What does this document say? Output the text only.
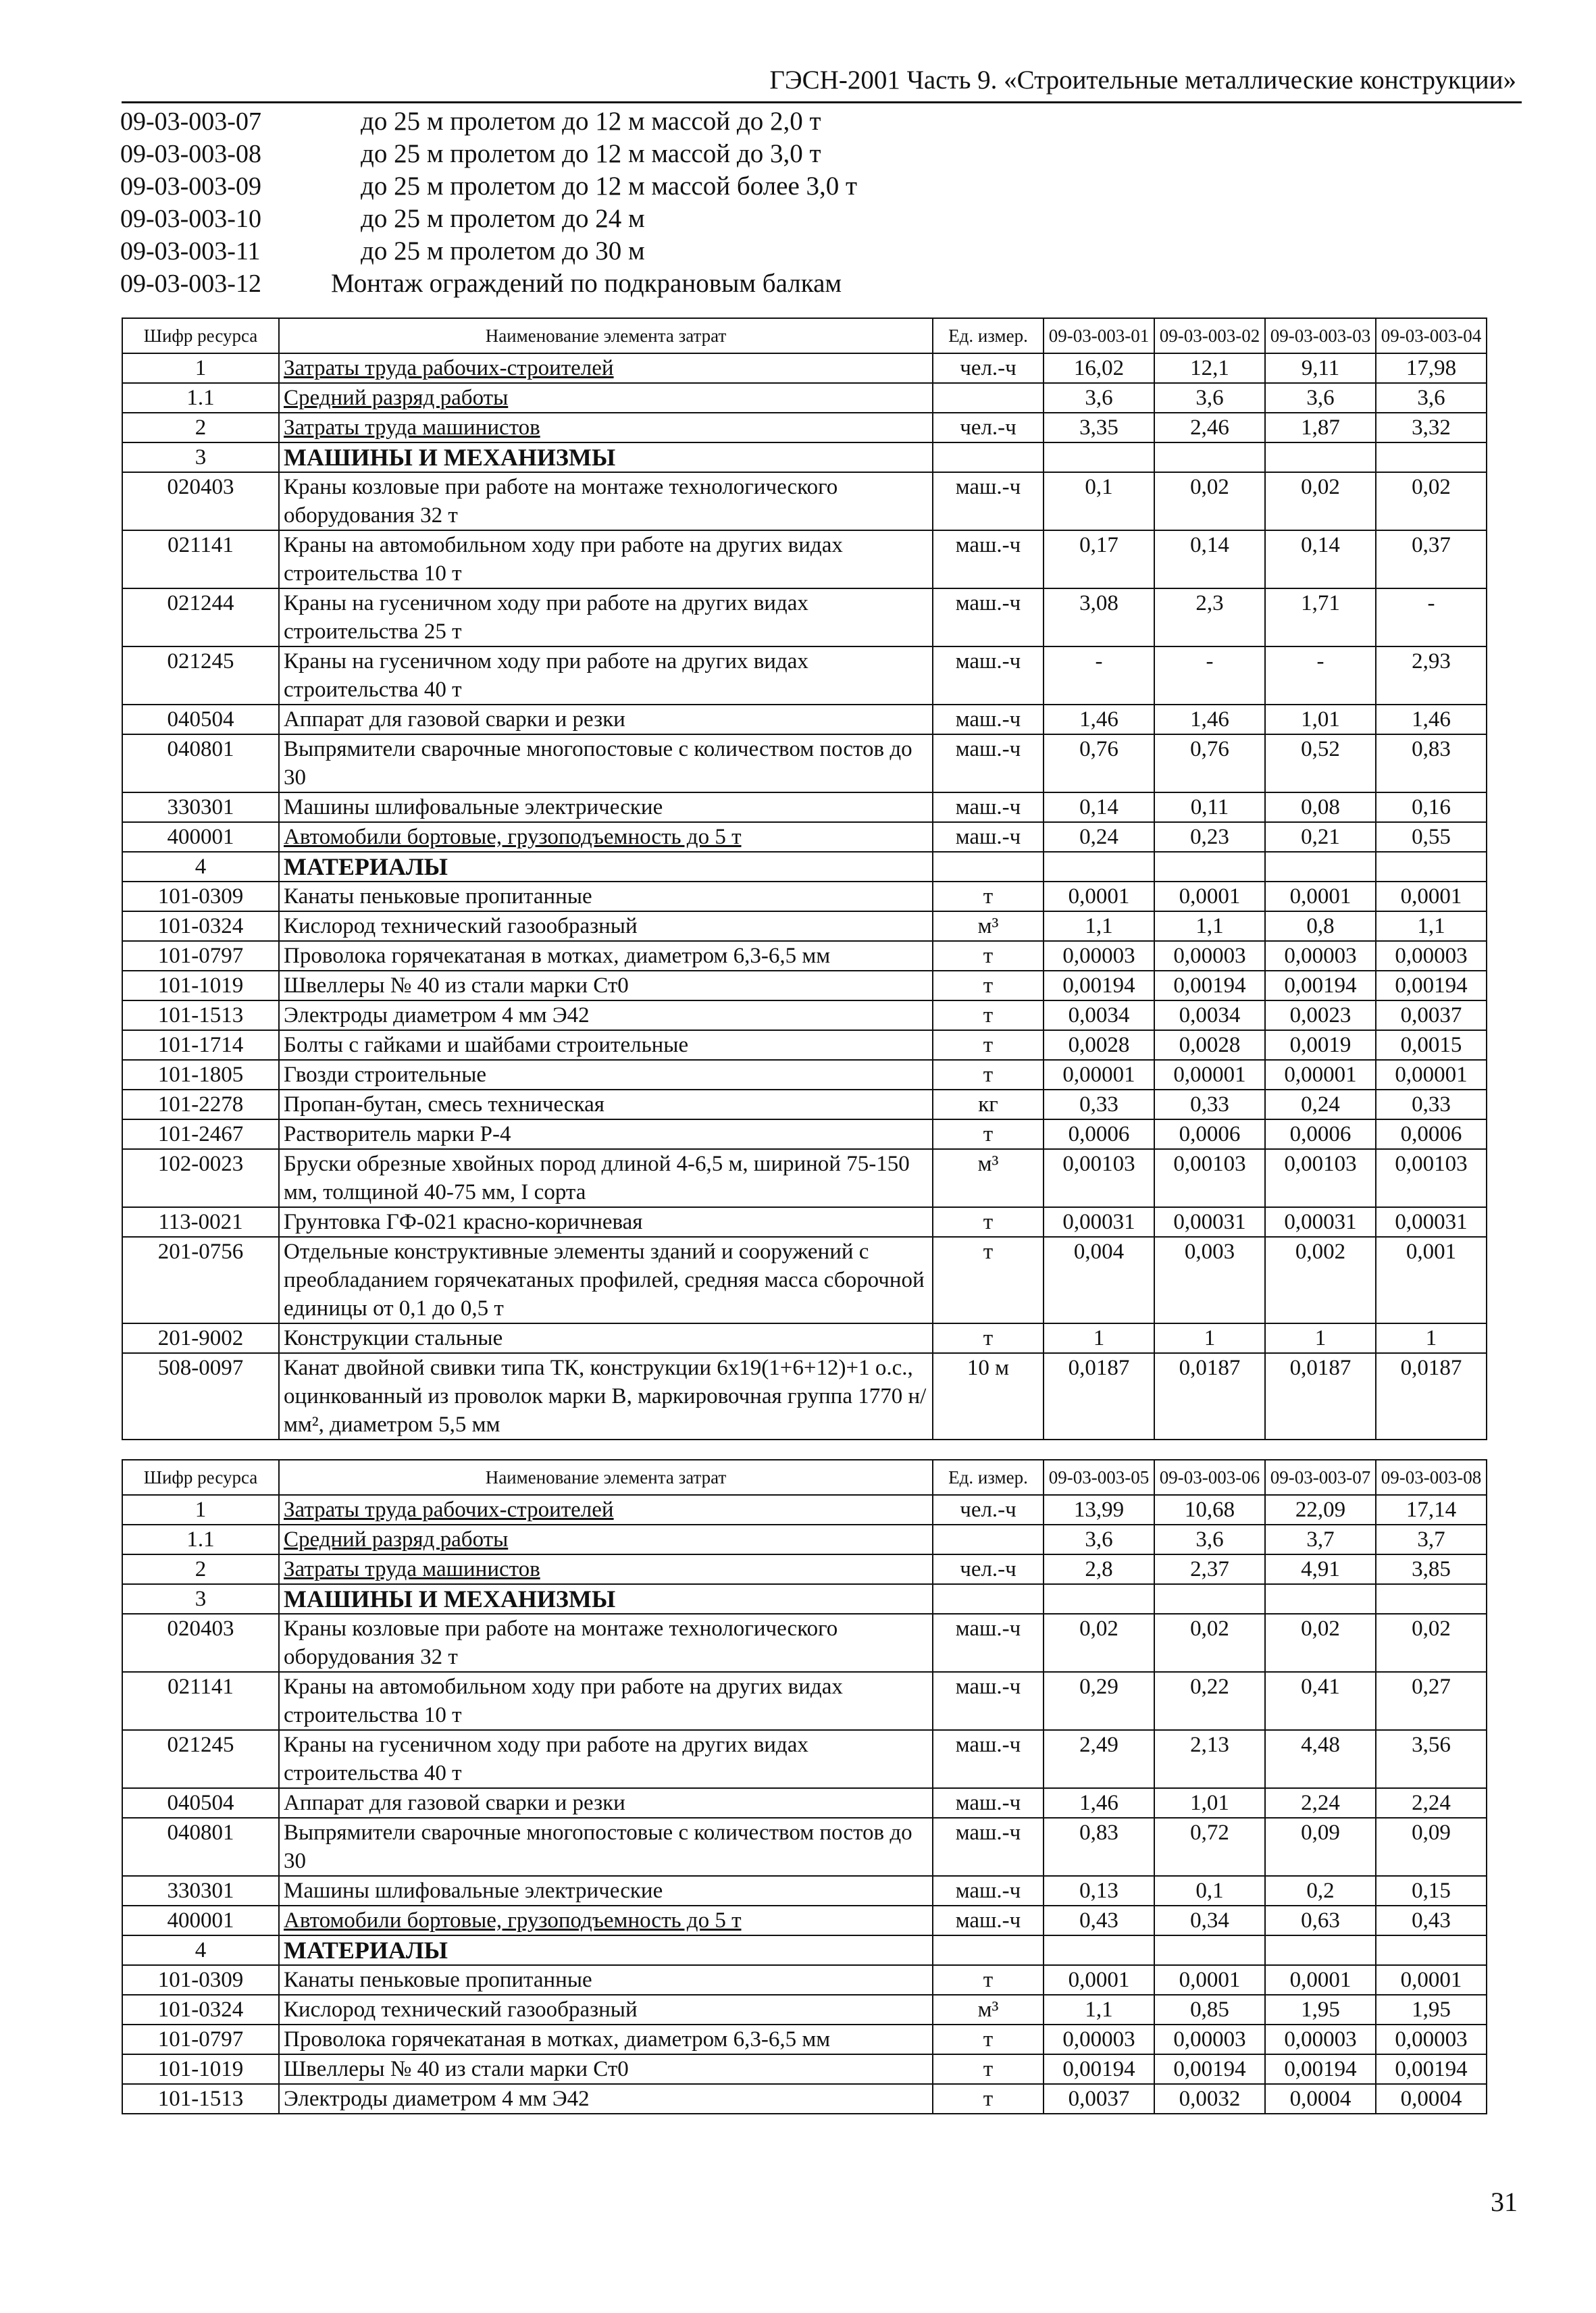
ГЭСН-2001 Часть 9. «Строительные металлические конструкции»
09-03-003-07	до 25 м пролетом до 12 м массой до 2,0 т
09-03-003-08	до 25 м пролетом до 12 м массой до 3,0 т
09-03-003-09	до 25 м пролетом до 12 м массой более 3,0 т
09-03-003-10	до 25 м пролетом до 24 м
09-03-003-11	до 25 м пролетом до 30 м
09-03-003-12	Монтаж ограждений по подкрановым балкам
Шифр ресурса	Наименование элемента затрат	Ед. измер.	09-03-003-01	09-03-003-02	09-03-003-03	09-03-003-04
1	Затраты труда рабочих-строителей	чел.-ч	16,02	12,1	9,11	17,98
1.1	Средний разряд работы		3,6	3,6	3,6	3,6
2	Затраты труда машинистов	чел.-ч	3,35	2,46	1,87	3,32
3	МАШИНЫ И МЕХАНИЗМЫ					
020403	Краны козловые при работе на монтаже технологического оборудования 32 т	маш.-ч	0,1	0,02	0,02	0,02
021141	Краны на автомобильном ходу при работе на других видах строительства 10 т	маш.-ч	0,17	0,14	0,14	0,37
021244	Краны на гусеничном ходу при работе на других видах строительства 25 т	маш.-ч	3,08	2,3	1,71	-
021245	Краны на гусеничном ходу при работе на других видах строительства 40 т	маш.-ч	-	-	-	2,93
040504	Аппарат для газовой сварки и резки	маш.-ч	1,46	1,46	1,01	1,46
040801	Выпрямители сварочные многопостовые с количеством постов до 30	маш.-ч	0,76	0,76	0,52	0,83
330301	Машины шлифовальные электрические	маш.-ч	0,14	0,11	0,08	0,16
400001	Автомобили бортовые, грузоподъемность до 5 т	маш.-ч	0,24	0,23	0,21	0,55
4	МАТЕРИАЛЫ					
101-0309	Канаты пеньковые пропитанные	т	0,0001	0,0001	0,0001	0,0001
101-0324	Кислород технический газообразный	м³	1,1	1,1	0,8	1,1
101-0797	Проволока горячекатаная в мотках, диаметром 6,3-6,5 мм	т	0,00003	0,00003	0,00003	0,00003
101-1019	Швеллеры № 40 из стали марки Ст0	т	0,00194	0,00194	0,00194	0,00194
101-1513	Электроды диаметром 4 мм Э42	т	0,0034	0,0034	0,0023	0,0037
101-1714	Болты с гайками и шайбами строительные	т	0,0028	0,0028	0,0019	0,0015
101-1805	Гвозди строительные	т	0,00001	0,00001	0,00001	0,00001
101-2278	Пропан-бутан, смесь техническая	кг	0,33	0,33	0,24	0,33
101-2467	Растворитель марки Р-4	т	0,0006	0,0006	0,0006	0,0006
102-0023	Бруски обрезные хвойных пород длиной 4-6,5 м, шириной 75-150 мм, толщиной 40-75 мм, I сорта	м³	0,00103	0,00103	0,00103	0,00103
113-0021	Грунтовка ГФ-021 красно-коричневая	т	0,00031	0,00031	0,00031	0,00031
201-0756	Отдельные конструктивные элементы зданий и сооружений с преобладанием горячекатаных профилей, средняя масса сборочной единицы от 0,1 до 0,5 т	т	0,004	0,003	0,002	0,001
201-9002	Конструкции стальные	т	1	1	1	1
508-0097	Канат двойной свивки типа ТК, конструкции 6x19(1+6+12)+1 о.с., оцинкованный из проволок марки В, маркировочная группа 1770 н/мм², диаметром 5,5 мм	10 м	0,0187	0,0187	0,0187	0,0187
Шифр ресурса	Наименование элемента затрат	Ед. измер.	09-03-003-05	09-03-003-06	09-03-003-07	09-03-003-08
1	Затраты труда рабочих-строителей	чел.-ч	13,99	10,68	22,09	17,14
1.1	Средний разряд работы		3,6	3,6	3,7	3,7
2	Затраты труда машинистов	чел.-ч	2,8	2,37	4,91	3,85
3	МАШИНЫ И МЕХАНИЗМЫ					
020403	Краны козловые при работе на монтаже технологического оборудования 32 т	маш.-ч	0,02	0,02	0,02	0,02
021141	Краны на автомобильном ходу при работе на других видах строительства 10 т	маш.-ч	0,29	0,22	0,41	0,27
021245	Краны на гусеничном ходу при работе на других видах строительства 40 т	маш.-ч	2,49	2,13	4,48	3,56
040504	Аппарат для газовой сварки и резки	маш.-ч	1,46	1,01	2,24	2,24
040801	Выпрямители сварочные многопостовые с количеством постов до 30	маш.-ч	0,83	0,72	0,09	0,09
330301	Машины шлифовальные электрические	маш.-ч	0,13	0,1	0,2	0,15
400001	Автомобили бортовые, грузоподъемность до 5 т	маш.-ч	0,43	0,34	0,63	0,43
4	МАТЕРИАЛЫ					
101-0309	Канаты пеньковые пропитанные	т	0,0001	0,0001	0,0001	0,0001
101-0324	Кислород технический газообразный	м³	1,1	0,85	1,95	1,95
101-0797	Проволока горячекатаная в мотках, диаметром 6,3-6,5 мм	т	0,00003	0,00003	0,00003	0,00003
101-1019	Швеллеры № 40 из стали марки Ст0	т	0,00194	0,00194	0,00194	0,00194
101-1513	Электроды диаметром 4 мм Э42	т	0,0037	0,0032	0,0004	0,0004
31
